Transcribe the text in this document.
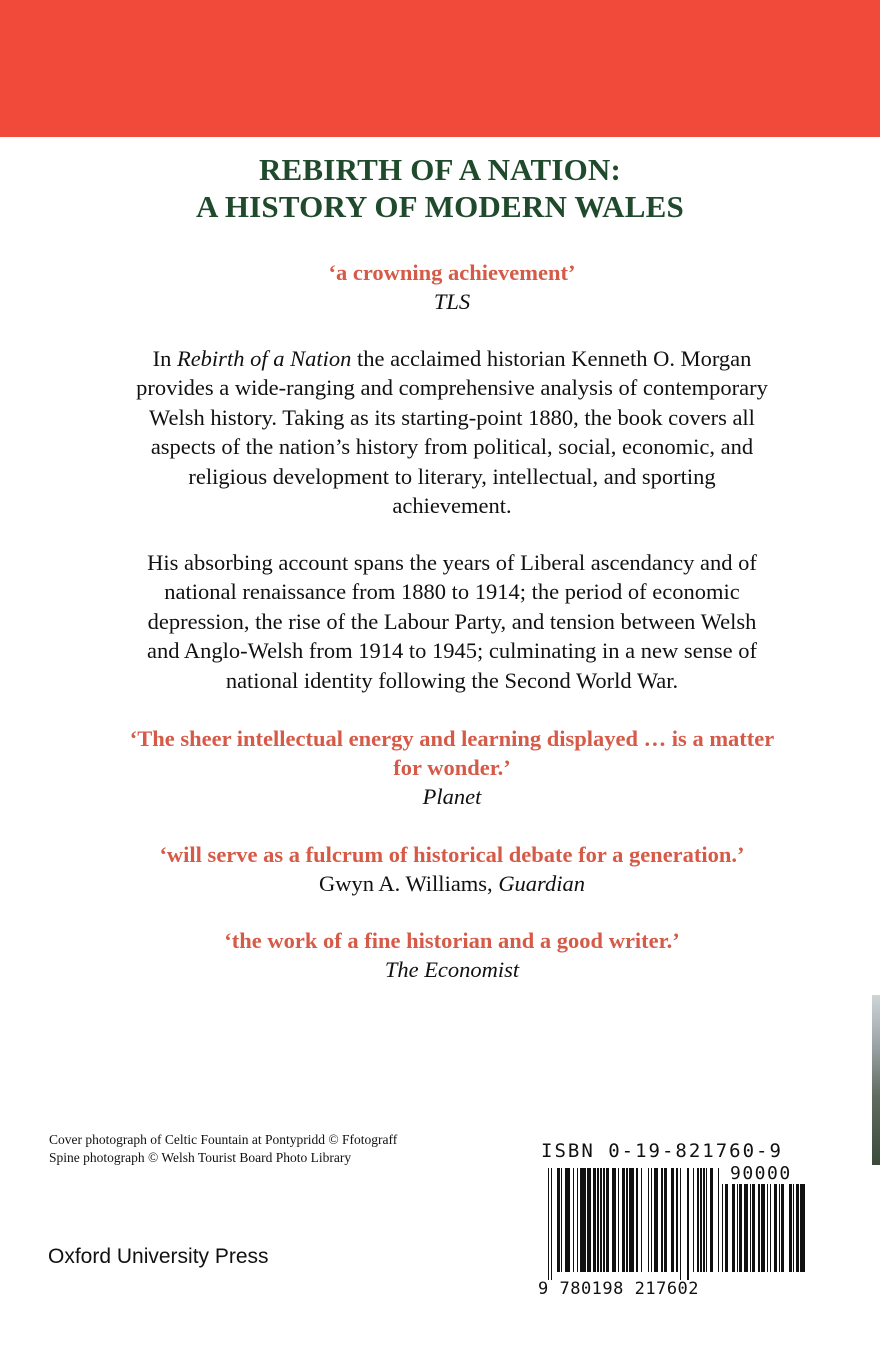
REBIRTH OF A NATION:
A HISTORY OF MODERN WALES
‘a crowning achievement’
TLS
In Rebirth of a Nation the acclaimed historian Kenneth O. Morgan
provides a wide-ranging and comprehensive analysis of contemporary
Welsh history. Taking as its starting-point 1880, the book covers all
aspects of the nation’s history from political, social, economic, and
religious development to literary, intellectual, and sporting
achievement.
His absorbing account spans the years of Liberal ascendancy and of
national renaissance from 1880 to 1914; the period of economic
depression, the rise of the Labour Party, and tension between Welsh
and Anglo-Welsh from 1914 to 1945; culminating in a new sense of
national identity following the Second World War.
‘The sheer intellectual energy and learning displayed … is a matter
for wonder.’
Planet
‘will serve as a fulcrum of historical debate for a generation.’
Gwyn A. Williams, Guardian
‘the work of a fine historian and a good writer.’
The Economist
Cover photograph of Celtic Fountain at Pontypridd © Ffotograff
Spine photograph © Welsh Tourist Board Photo Library
Oxford University Press
ISBN 0-19-821760-9
90000
9 780198 217602
